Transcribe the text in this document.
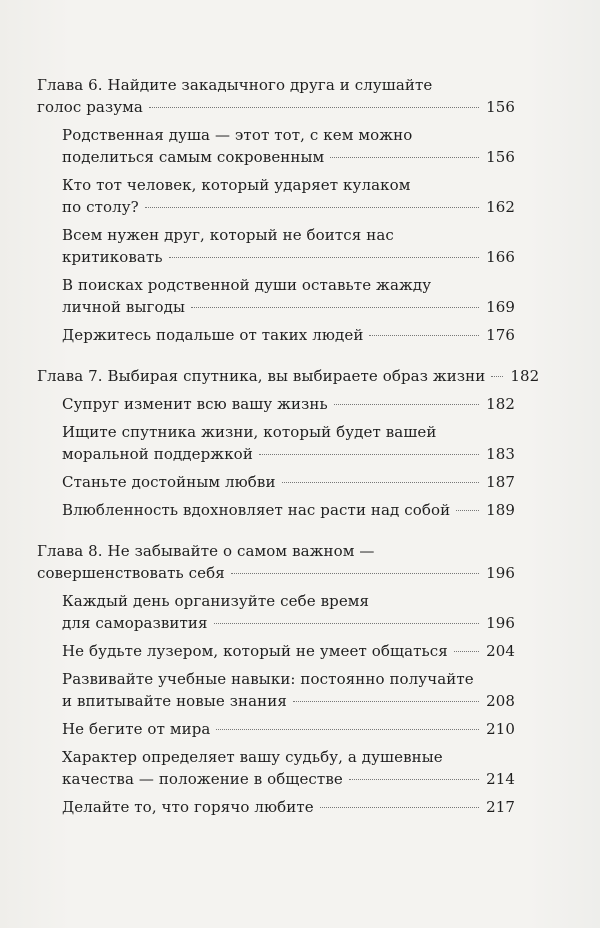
Глава 6. Найдите закадычного друга и слушайте
голос разума	156
Родственная душа — этот тот, с кем можно
поделиться самым сокровенным	156
Кто тот человек, который ударяет кулаком
по столу?	162
Всем нужен друг, который не боится нас
критиковать	166
В поисках родственной души оставьте жажду
личной выгоды	169
Держитесь подальше от таких людей	176
Глава 7. Выбирая спутника, вы выбираете образ жизни 182
Супруг изменит всю вашу жизнь	182
Ищите спутника жизни, который будет вашей
моральной поддержкой	183
Станьте достойным любви	187
Влюбленность вдохновляет нас расти над собой 189
Глава 8. Не забывайте о самом важном —
совершенствовать себя	196
Каждый день организуйте себе время
для саморазвития	196
Не будьте лузером, который не умеет общаться	204
Развивайте учебные навыки: постоянно получайте
и впитывайте новые знания	208
Не бегите от мира	210
Характер определяет вашу судьбу, а душевные
качества — положение в обществе	214
Делайте то, что горячо любите	217
